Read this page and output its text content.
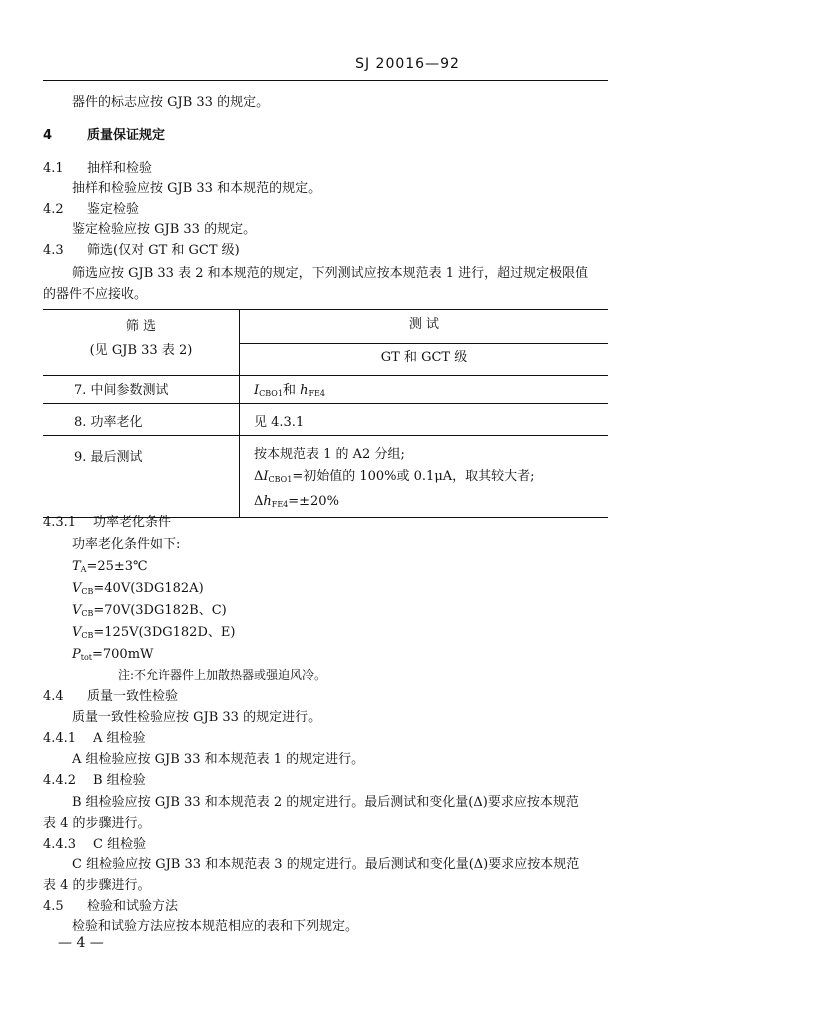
SJ 20016—92
器件的标志应按 GJB 33 的规定。
4	质量保证规定
4.1 抽样和检验
抽样和检验应按 GJB 33 和本规范的规定。
4.2 鉴定检验
鉴定检验应按 GJB 33 的规定。
4.3 筛选(仅对 GT 和 GCT 级)
筛选应按 GJB 33 表 2 和本规范的规定，下列测试应按本规范表 1 进行，超过规定极限值
的器件不应接收。
筛 选
(见 GJB 33 表 2)	测 试
	GT 和 GCT 级
7. 中间参数测试	$I_{CBO1}$和 $h_{FE4}$
8. 功率老化	见 4.3.1
9. 最后测试	按本规范表 1 的 A2 分组;
$\Delta I_{CBO1}=$初始值的 100%或 0.1μA，取其较大者;
$\Delta h_{FE4}=\pm 20\%$
4.3.1 功率老化条件
功率老化条件如下:
$T_A=25\pm 3℃$
$V_{CB}=40V(3DG182A)$
$V_{CB}=70V(3DG182B$、C)
$V_{CB}=125V(3DG182D$、E)
$P_{tot}=700mW$
注:不允许器件上加散热器或强迫风冷。
4.4 质量一致性检验
质量一致性检验应按 GJB 33 的规定进行。
4.4.1 A 组检验
A 组检验应按 GJB 33 和本规范表 1 的规定进行。
4.4.2 B 组检验
B 组检验应按 GJB 33 和本规范表 2 的规定进行。最后测试和变化量(Δ)要求应按本规范
表 4 的步骤进行。
4.4.3 C 组检验
C 组检验应按 GJB 33 和本规范表 3 的规定进行。最后测试和变化量(Δ)要求应按本规范
表 4 的步骤进行。
4.5 检验和试验方法
检验和试验方法应按本规范相应的表和下列规定。
— 4 —
